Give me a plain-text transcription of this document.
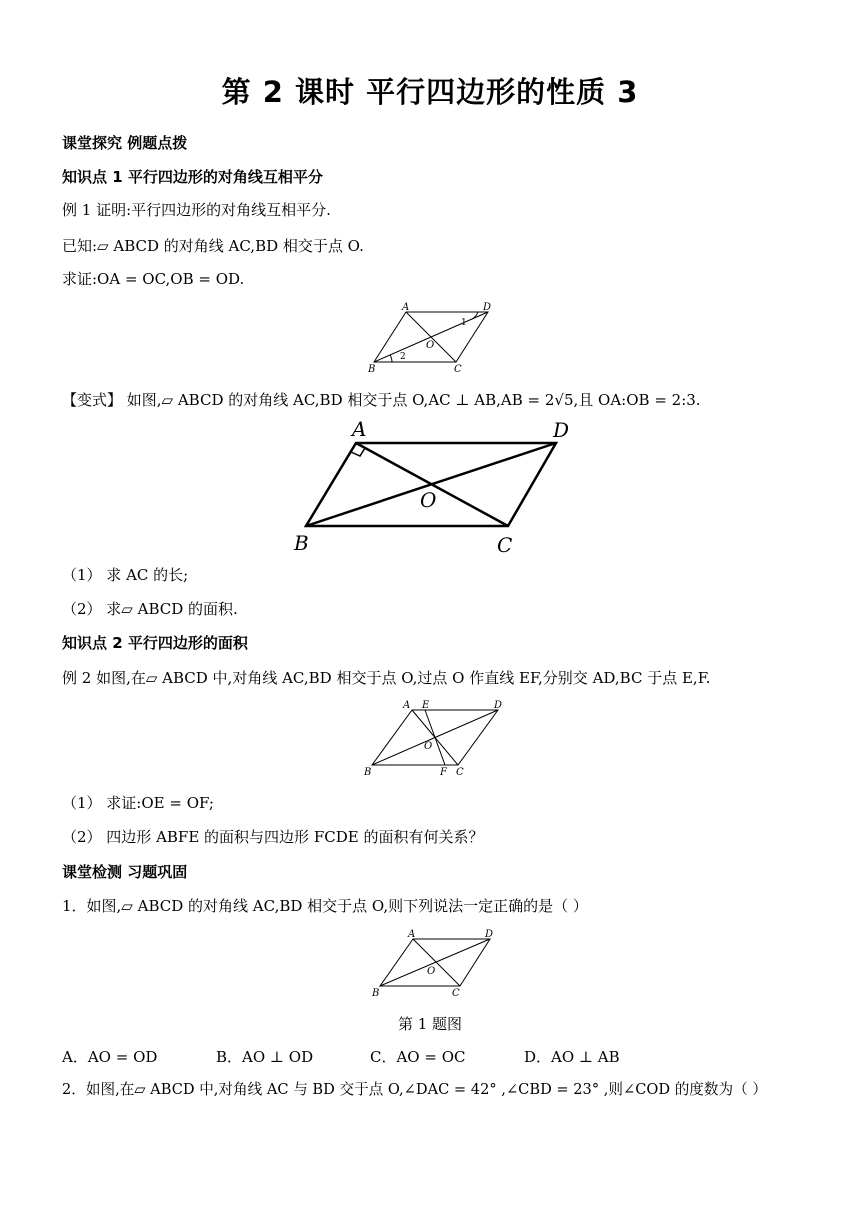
第 2 课时 平行四边形的性质 3
课堂探究 例题点拨
知识点 1 平行四边形的对角线互相平分
例 1 证明:平行四边形的对角线互相平分.
已知:▱ ABCD 的对角线 AC,BD 相交于点 O.
求证:OA = OC,OB = OD.
A	D
B	C
O
1
2
【变式】 如图,▱ ABCD 的对角线 AC,BD 相交于点 O,AC ⊥ AB,AB = 2√5,且 OA:OB = 2:3.
A	D
B	C
O
（1） 求 AC 的长;
（2） 求▱ ABCD 的面积.
知识点 2 平行四边形的面积
例 2 如图,在▱ ABCD 中,对角线 AC,BD 相交于点 O,过点 O 作直线 EF,分别交 AD,BC 于点 E,F.
A E	D
B	F C
O
（1） 求证:OE = OF;
（2） 四边形 ABFE 的面积与四边形 FCDE 的面积有何关系？
课堂检测 习题巩固
1．如图,▱ ABCD 的对角线 AC,BD 相交于点 O,则下列说法一定正确的是（ ）
A	D
B	C
O
第 1 题图
A．AO = OD	B．AO ⊥ OD	C．AO = OC	D．AO ⊥ AB
2．如图,在▱ ABCD 中,对角线 AC 与 BD 交于点 O,∠DAC = 42° ,∠CBD = 23° ,则∠COD 的度数为（ ）
